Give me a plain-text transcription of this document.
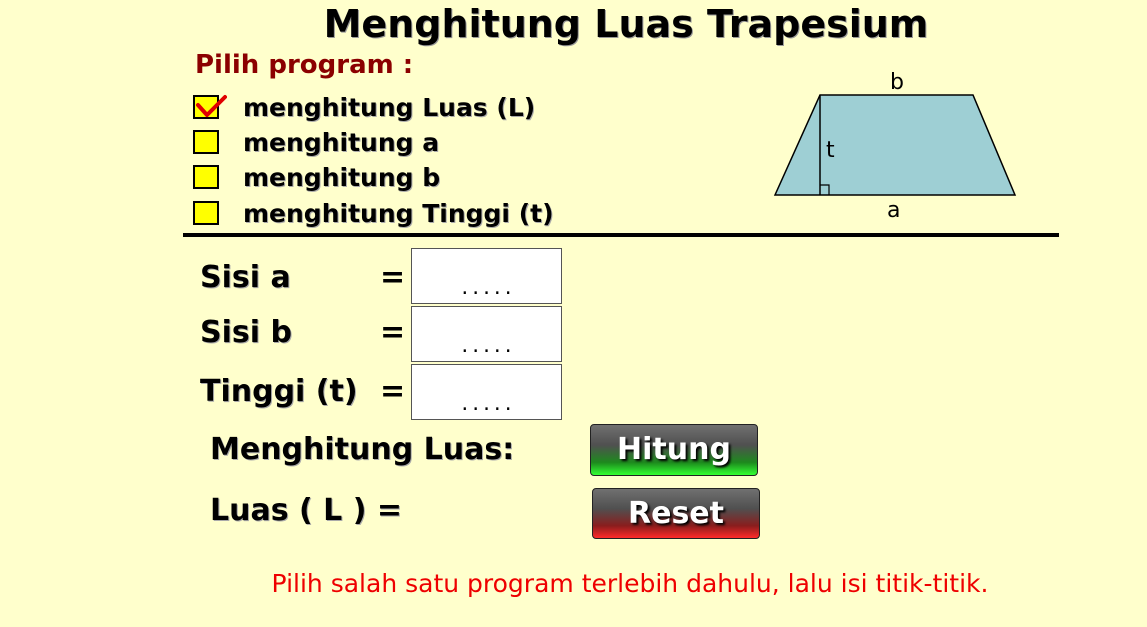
Menghitung Luas Trapesium
Pilih program :
menghitung Luas (L)
menghitung a
menghitung b
menghitung Tinggi (t)
b
t
a
Sisi a	=
.....
Sisi b	=
.....
Tinggi (t) =
.....
Menghitung Luas:	Hitung
Luas ( L ) =	Reset
Pilih salah satu program terlebih dahulu, lalu isi titik-titik.
